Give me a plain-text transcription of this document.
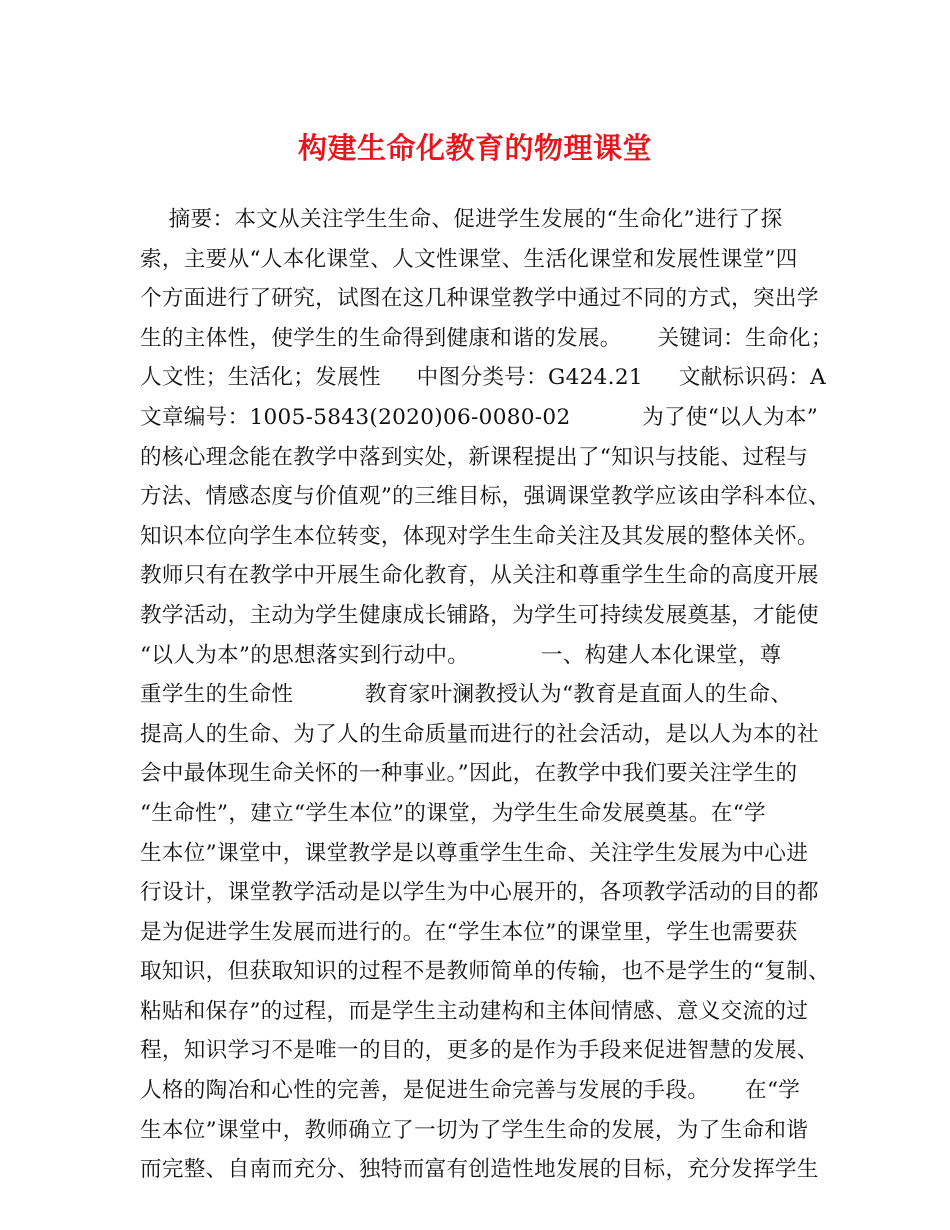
构建生命化教育的物理课堂
摘要：本文从关注学生生命、促进学生发展的“生命化”进行了探
索，主要从“人本化课堂、人文性课堂、生活化课堂和发展性课堂”四
个方面进行了研究，试图在这几种课堂教学中通过不同的方式，突出学
生的主体性，使学生的生命得到健康和谐的发展。     关键词：生命化；
人文性；生活化；发展性     中图分类号：G424.21     文献标识码：A
文章编号：1005-5843(2020)06-0080-02          为了使“以人为本”
的核心理念能在教学中落到实处，新课程提出了“知识与技能、过程与
方法、情感态度与价值观”的三维目标，强调课堂教学应该由学科本位、
知识本位向学生本位转变，体现对学生生命关注及其发展的整体关怀。
教师只有在教学中开展生命化教育，从关注和尊重学生生命的高度开展
教学活动，主动为学生健康成长铺路，为学生可持续发展奠基，才能使
“以人为本”的思想落实到行动中。          一、构建人本化课堂，尊
重学生的生命性          教育家叶澜教授认为“教育是直面人的生命、
提高人的生命、为了人的生命质量而进行的社会活动，是以人为本的社
会中最体现生命关怀的一种事业。”因此，在教学中我们要关注学生的
“生命性”，建立“学生本位”的课堂，为学生生命发展奠基。在“学
生本位”课堂中，课堂教学是以尊重学生生命、关注学生发展为中心进
行设计，课堂教学活动是以学生为中心展开的，各项教学活动的目的都
是为促进学生发展而进行的。在“学生本位”的课堂里，学生也需要获
取知识，但获取知识的过程不是教师简单的传输，也不是学生的“复制、
粘贴和保存”的过程，而是学生主动建构和主体间情感、意义交流的过
程，知识学习不是唯一的目的，更多的是作为手段来促进智慧的发展、
人格的陶冶和心性的完善，是促进生命完善与发展的手段。     在“学
生本位”课堂中，教师确立了一切为了学生生命的发展，为了生命和谐
而完整、自南而充分、独特而富有创造性地发展的目标，充分发挥学生
